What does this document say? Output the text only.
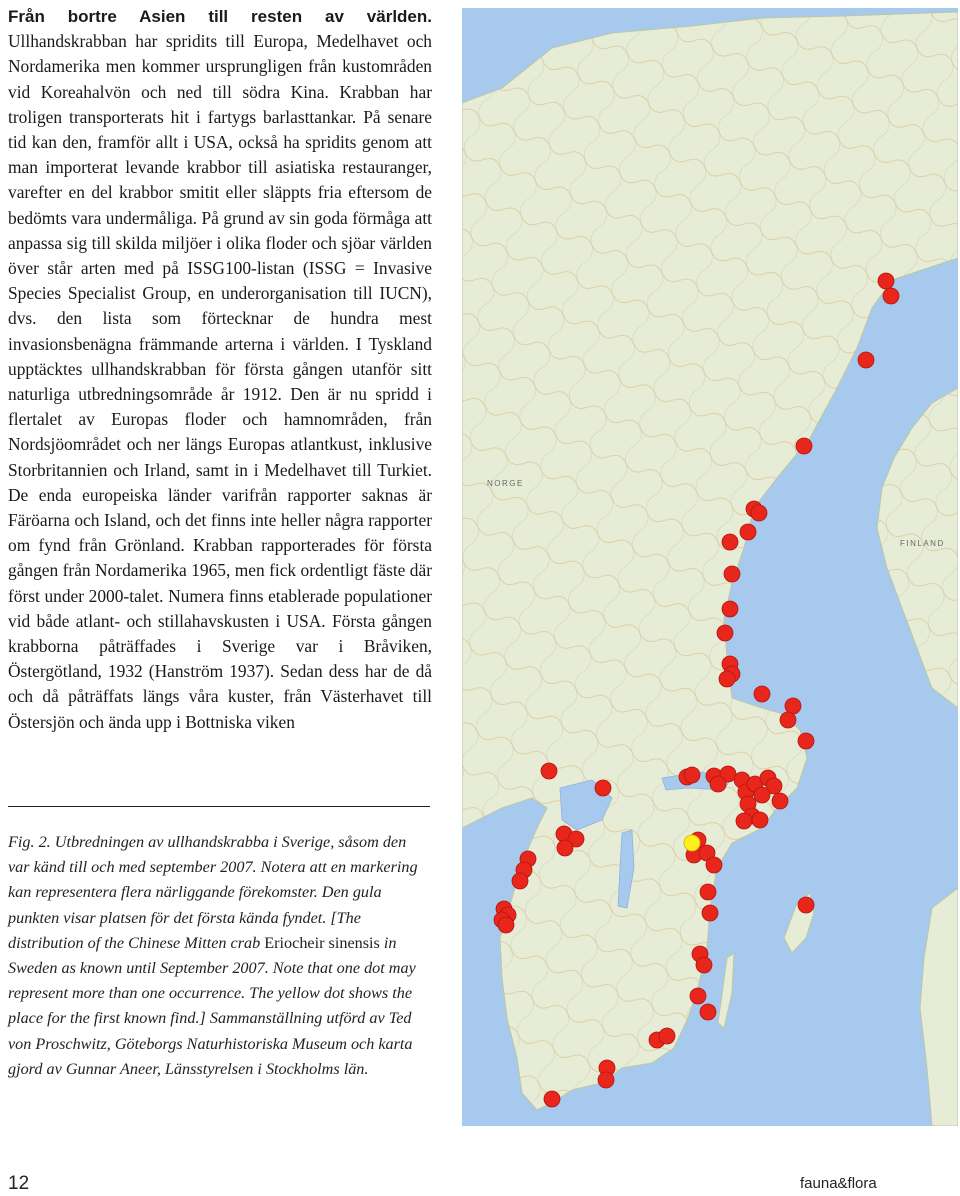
Från bortre Asien till resten av världen. Ullhandskrabban har spridits till Europa, Medelhavet och Nordamerika men kommer ursprungligen från kustområden vid Koreahalvön och ned till södra Kina. Krabban har troligen transporterats hit i fartygs barlasttankar. På senare tid kan den, framför allt i USA, också ha spridits genom att man importerat levande krabbor till asiatiska restauranger, varefter en del krabbor smitit eller släppts fria eftersom de bedömts vara undermåliga. På grund av sin goda förmåga att anpassa sig till skilda miljöer i olika floder och sjöar världen över står arten med på ISSG100-listan (ISSG = Invasive Species Specialist Group, en underorganisation till IUCN), dvs. den lista som förtecknar de hundra mest invasionsbenägna främmande arterna i världen. I Tyskland upptäcktes ullhandskrabban för första gången utanför sitt naturliga utbredningsområde år 1912. Den är nu spridd i flertalet av Europas floder och hamnområden, från Nordsjöområdet och ner längs Europas atlantkust, inklusive Storbritannien och Irland, samt in i Medelhavet till Turkiet. De enda europeiska länder varifrån rapporter saknas är Färöarna och Island, och det finns inte heller några rapporter om fynd från Grönland. Krabban rapporterades för första gången från Nordamerika 1965, men fick ordentligt fäste där först under 2000-talet. Numera finns etablerade populationer vid både atlant- och stillahavskusten i USA. Första gången krabborna påträffades i Sverige var i Bråviken, Östergötland, 1932 (Hanström 1937). Sedan dess har de då och då påträffats längs våra kuster, från Västerhavet till Östersjön och ända upp i Bottniska viken
Fig. 2. Utbredningen av ullhandskrabba i Sverige, såsom den var känd till och med september 2007. Notera att en markering kan representera flera närliggande förekomster. Den gula punkten visar platsen för det första kända fyndet. [The distribution of the Chinese Mitten crab Eriocheir sinensis in Sweden as known until September 2007. Note that one dot may represent more than one occurrence. The yellow dot shows the place for the first known find.] Sammanställning utförd av Ted von Proschwitz, Göteborgs Naturhistoriska Museum och karta gjord av Gunnar Aneer, Länsstyrelsen i Stockholms län.
NORGE
FINLAND
12	fauna&flora
